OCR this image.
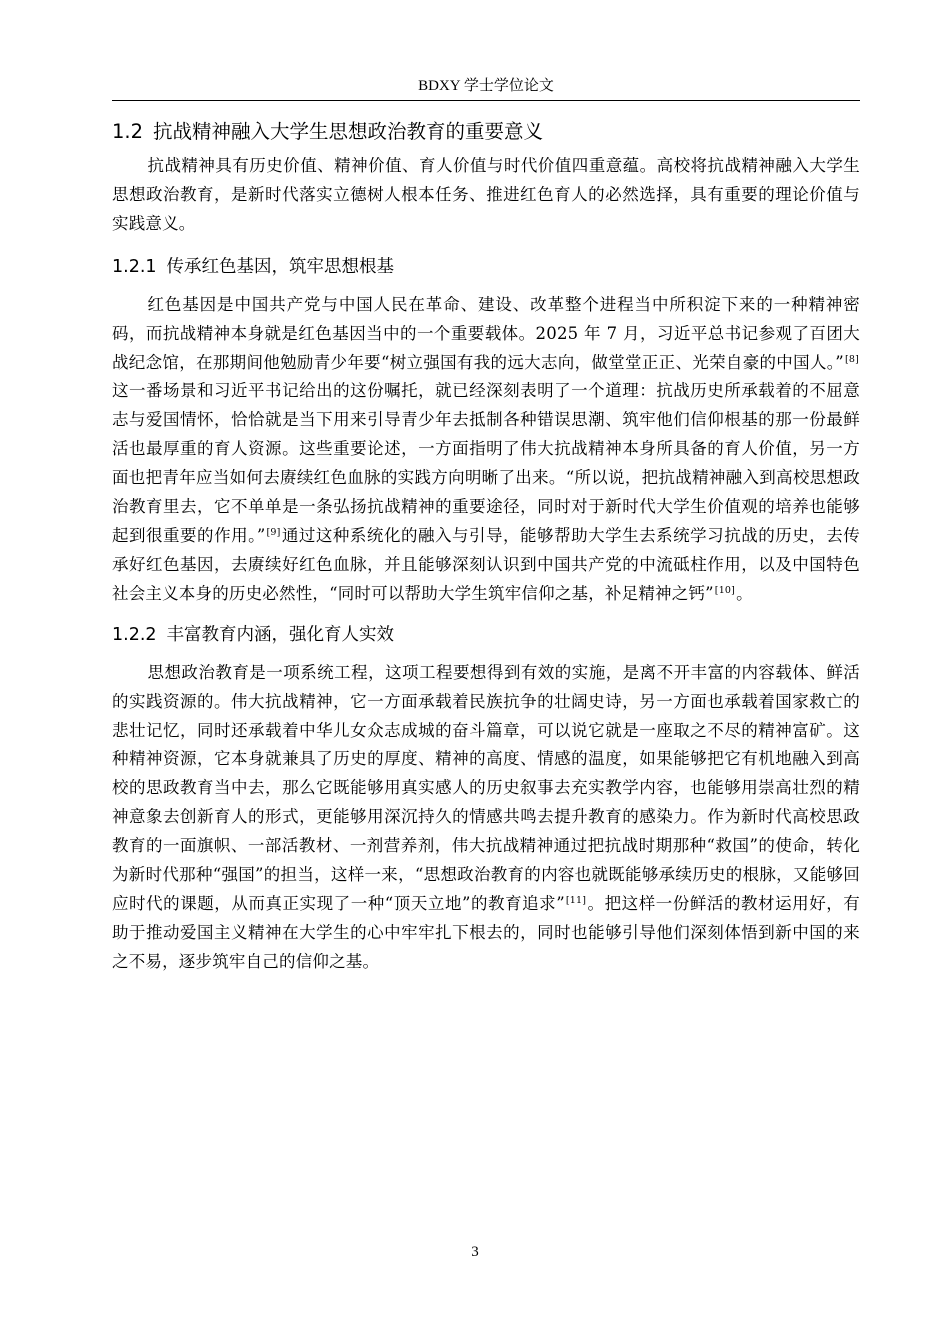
BDXY 学士学位论文
1.2 抗战精神融入大学生思想政治教育的重要意义

抗战精神具有历史价值、精神价值、育人价值与时代价值四重意蕴。高校将抗战精神融入大学生思想政治教育，是新时代落实立德树人根本任务、推进红色育人的必然选择，具有重要的理论价值与实践意义。

1.2.1 传承红色基因，筑牢思想根基

红色基因是中国共产党与中国人民在革命、建设、改革整个进程当中所积淀下来的一种精神密码，而抗战精神本身就是红色基因当中的一个重要载体。2025 年 7 月，习近平总书记参观了百团大战纪念馆，在那期间他勉励青少年要“树立强国有我的远大志向，做堂堂正正、光荣自豪的中国人。”[8]这一番场景和习近平书记给出的这份嘱托，就已经深刻表明了一个道理：抗战历史所承载着的不屈意志与爱国情怀，恰恰就是当下用来引导青少年去抵制各种错误思潮、筑牢他们信仰根基的那一份最鲜活也最厚重的育人资源。这些重要论述，一方面指明了伟大抗战精神本身所具备的育人价值，另一方面也把青年应当如何去赓续红色血脉的实践方向明晰了出来。“所以说，把抗战精神融入到高校思想政治教育里去，它不单单是一条弘扬抗战精神的重要途径，同时对于新时代大学生价值观的培养也能够起到很重要的作用。”[9]通过这种系统化的融入与引导，能够帮助大学生去系统学习抗战的历史，去传承好红色基因，去赓续好红色血脉，并且能够深刻认识到中国共产党的中流砥柱作用，以及中国特色社会主义本身的历史必然性，“同时可以帮助大学生筑牢信仰之基，补足精神之钙”[10]。

1.2.2 丰富教育内涵，强化育人实效

思想政治教育是一项系统工程，这项工程要想得到有效的实施，是离不开丰富的内容载体、鲜活的实践资源的。伟大抗战精神，它一方面承载着民族抗争的壮阔史诗，另一方面也承载着国家救亡的悲壮记忆，同时还承载着中华儿女众志成城的奋斗篇章，可以说它就是一座取之不尽的精神富矿。这种精神资源，它本身就兼具了历史的厚度、精神的高度、情感的温度，如果能够把它有机地融入到高校的思政教育当中去，那么它既能够用真实感人的历史叙事去充实教学内容，也能够用崇高壮烈的精神意象去创新育人的形式，更能够用深沉持久的情感共鸣去提升教育的感染力。作为新时代高校思政教育的一面旗帜、一部活教材、一剂营养剂，伟大抗战精神通过把抗战时期那种“救国”的使命，转化为新时代那种“强国”的担当，这样一来，“思想政治教育的内容也就既能够承续历史的根脉，又能够回应时代的课题，从而真正实现了一种“顶天立地”的教育追求”[11]。把这样一份鲜活的教材运用好，有助于推动爱国主义精神在大学生的心中牢牢扎下根去的，同时也能够引导他们深刻体悟到新中国的来之不易，逐步筑牢自己的信仰之基。

3
